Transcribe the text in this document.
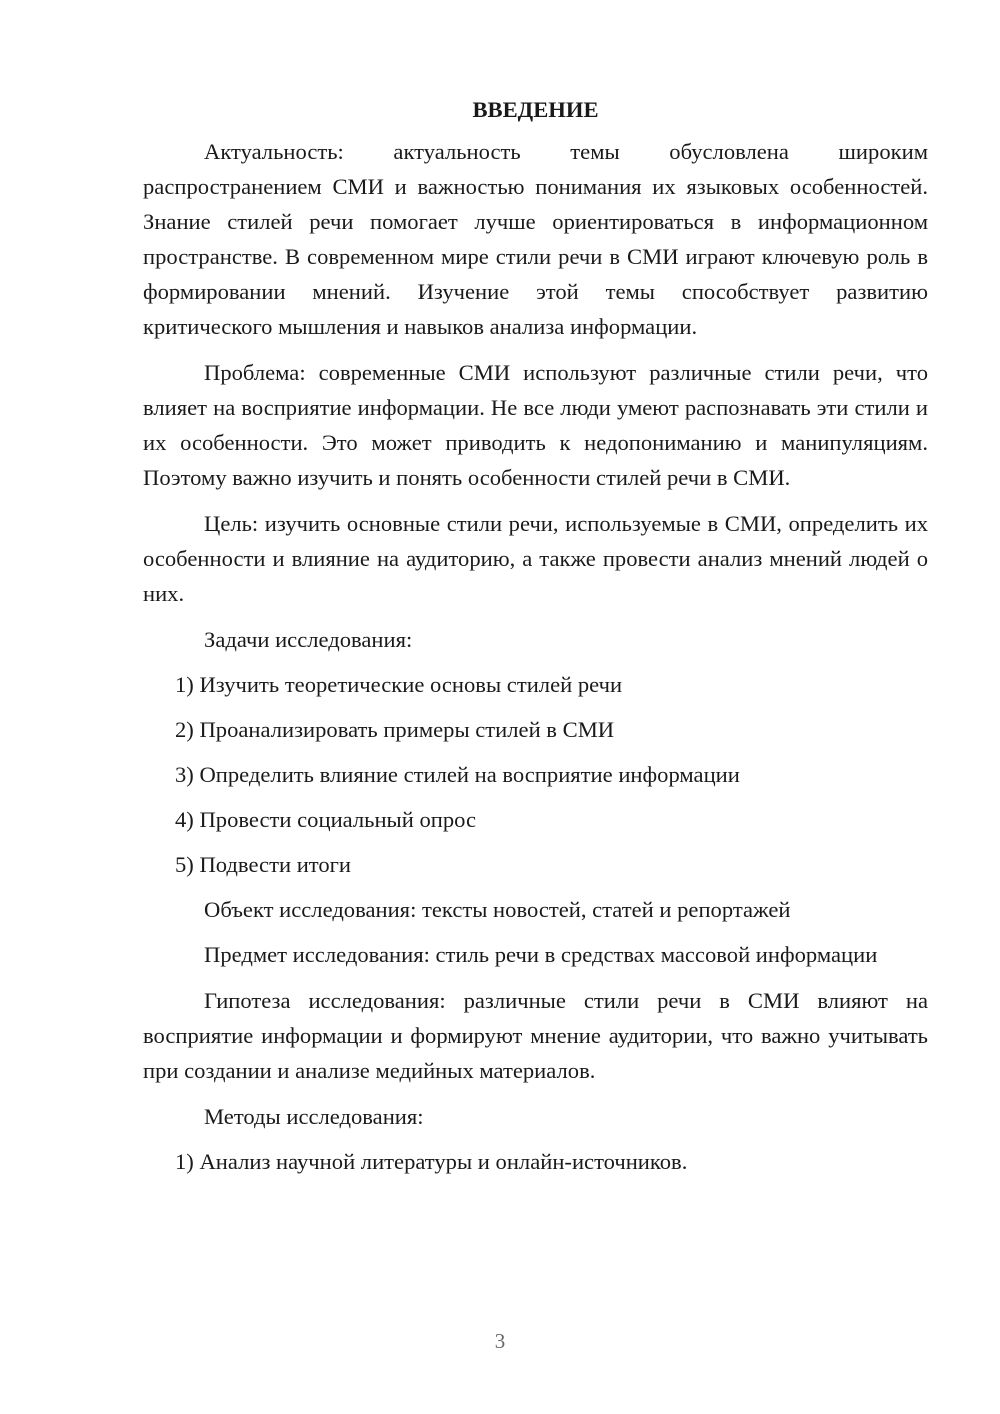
ВВЕДЕНИЕ

Актуальность: актуальность темы обусловлена широким распространением СМИ и важностью понимания их языковых особенностей. Знание стилей речи помогает лучше ориентироваться в информационном пространстве. В современном мире стили речи в СМИ играют ключевую роль в формировании мнений. Изучение этой темы способствует развитию критического мышления и навыков анализа информации.

Проблема: современные СМИ используют различные стили речи, что влияет на восприятие информации. Не все люди умеют распознавать эти стили и их особенности. Это может приводить к недопониманию и манипуляциям. Поэтому важно изучить и понять особенности стилей речи в СМИ.

Цель: изучить основные стили речи, используемые в СМИ, определить их особенности и влияние на аудиторию, а также провести анализ мнений людей о них.

Задачи исследования:
1) Изучить теоретические основы стилей речи
2) Проанализировать примеры стилей в СМИ
3) Определить влияние стилей на восприятие информации
4) Провести социальный опрос
5) Подвести итоги
Объект исследования: тексты новостей, статей и репортажей

Предмет исследования: стиль речи в средствах массовой информации

Гипотеза исследования: различные стили речи в СМИ влияют на восприятие информации и формируют мнение аудитории, что важно учитывать при создании и анализе медийных материалов.

Методы исследования:
1) Анализ научной литературы и онлайн-источников.
3
